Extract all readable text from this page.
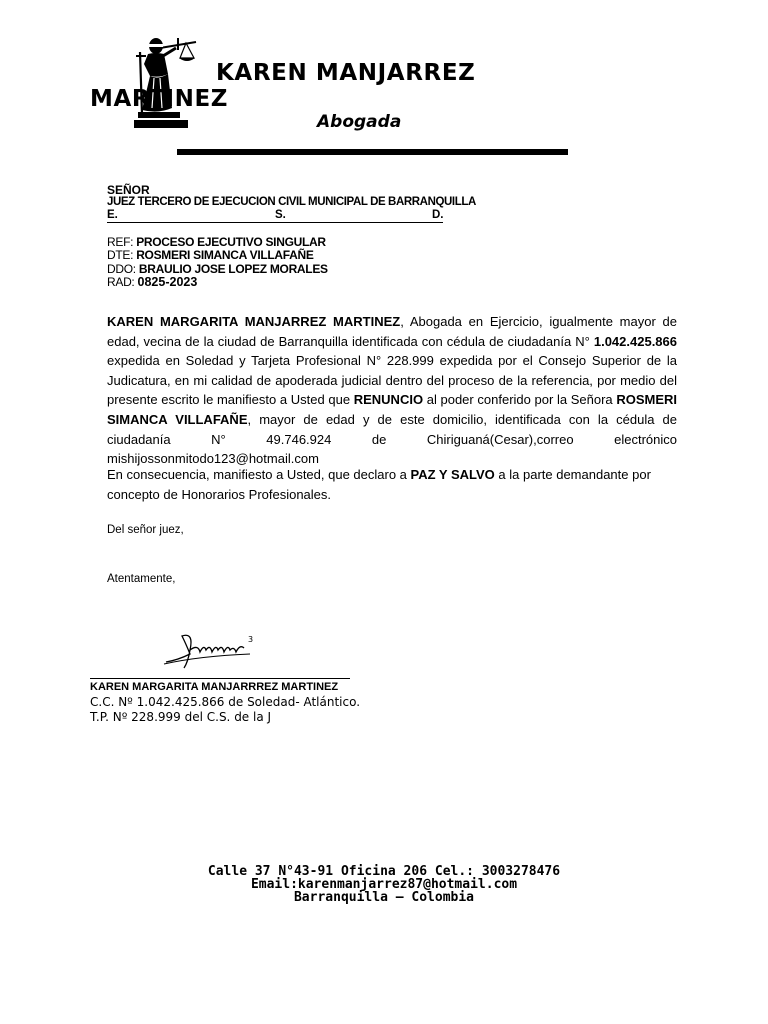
KAREN MANJARREZ
MARTINEZ
Abogada
SEÑOR
JUEZ TERCERO DE EJECUCION CIVIL MUNICIPAL DE BARRANQUILLA
E.	S.	D.
REF: PROCESO EJECUTIVO SINGULAR
DTE: ROSMERI SIMANCA VILLAFAÑE
DDO: BRAULIO JOSE LOPEZ MORALES
RAD: 0825-2023
KAREN MARGARITA MANJARREZ MARTINEZ, Abogada en Ejercicio, igualmente mayor de edad, vecina de la ciudad de Barranquilla identificada con cédula de ciudadanía N° 1.042.425.866 expedida en Soledad y Tarjeta Profesional N° 228.999 expedida por el Consejo Superior de la Judicatura, en mi calidad de apoderada judicial dentro del proceso de la referencia, por medio del presente escrito le manifiesto a Usted que RENUNCIO al poder conferido por la Señora ROSMERI SIMANCA VILLAFAÑE, mayor de edad y de este domicilio, identificada con la cédula de ciudadanía N° 49.746.924 de Chiriguaná(Cesar),correo electrónico mishijossonmitodo123@hotmail.com
En consecuencia, manifiesto a Usted, que declaro a PAZ Y SALVO a la parte demandante por concepto de Honorarios Profesionales.
Del señor juez,
Atentamente,
3
KAREN MARGARITA MANJARRREZ MARTINEZ
C.C. Nº 1.042.425.866 de Soledad- Atlántico.
T.P. Nº 228.999 del C.S. de la J
Calle 37 N°43-91 Oficina 206 Cel.: 3003278476
Email:karenmanjarrez87@hotmail.com
Barranquilla – Colombia
